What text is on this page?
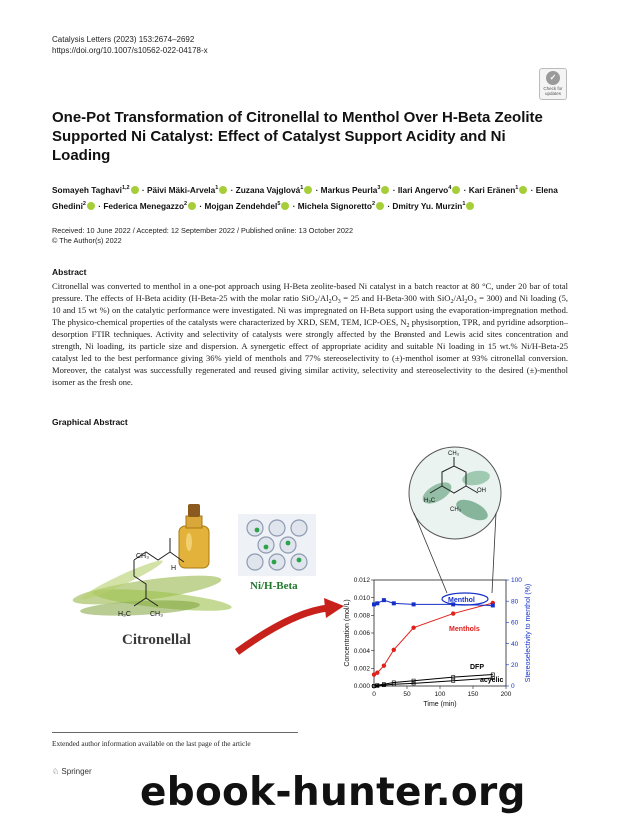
Catalysis Letters (2023) 153:2674–2692
https://doi.org/10.1007/s10562-022-04178-x
✓
Check for
updates
One-Pot Transformation of Citronellal to Menthol Over H-Beta Zeolite Supported Ni Catalyst: Effect of Catalyst Support Acidity and Ni Loading
Somayeh Taghavi$^{1,2}$ · Päivi Mäki-Arvela$^1$ · Zuzana Vajglová$^1$ · Markus Peurla$^3$ · Ilari Angervo$^4$ · Kari Eränen$^1$ · Elena Ghedini$^2$ · Federica Menegazzo$^2$ · Mojgan Zendehdel$^5$ · Michela Signoretto$^2$ · Dmitry Yu. Murzin$^1$
Received: 10 June 2022 / Accepted: 12 September 2022 / Published online: 13 October 2022
© The Author(s) 2022
Abstract

Citronellal was converted to menthol in a one-pot approach using H-Beta zeolite-based Ni catalyst in a batch reactor at 80 °C, under 20 bar of total pressure. The effects of H-Beta acidity (H-Beta-25 with the molar ratio $SiO_2/Al_2O_3 = 25$ and H-Beta-300 with $SiO_2/Al_2O_3 = 300$) and Ni loading (5, 10 and 15 wt %) on the catalytic performance were investigated. Ni was impregnated on H-Beta support using the evaporation-impregnation method. The physico-chemical properties of the catalysts were characterized by XRD, SEM, TEM, ICP-OES, $N_2$ physisorption, TPR, and pyridine adsorption–desorption FTIR techniques. Activity and selectivity of catalysts were strongly affected by the Brønsted and Lewis acid sites concentration and strength, Ni loading, its particle size and dispersion. A synergetic effect of appropriate acidity and suitable Ni loading in 15 wt.% Ni/H-Beta-25 catalyst led to the best performance giving 36% yield of menthols and 77% stereoselectivity to (±)-menthol isomer at 93% citronellal conversion. Moreover, the catalyst was successfully regenerated and reused giving similar activity, selectivity and stereoselectivity to the desired (±)-menthol isomer as the fresh one.

Graphical Abstract
CH₃
H
H₃C	CH₃
Citronellal
Ni/H-Beta
CH₃
OH
H₃C
CH₃
0	50	100	150	200
0.000
0.002
0.004
0.006
0.008
0.010
0.012
0
20
40
60
80
100
Menthol
Menthols
DFP
acyclic
Time (min)
Concentration (mol/L)	Stereoselectivity to menthol (%)
Extended author information available on the last page of the article
♘ Springer ebook-hunter.org
